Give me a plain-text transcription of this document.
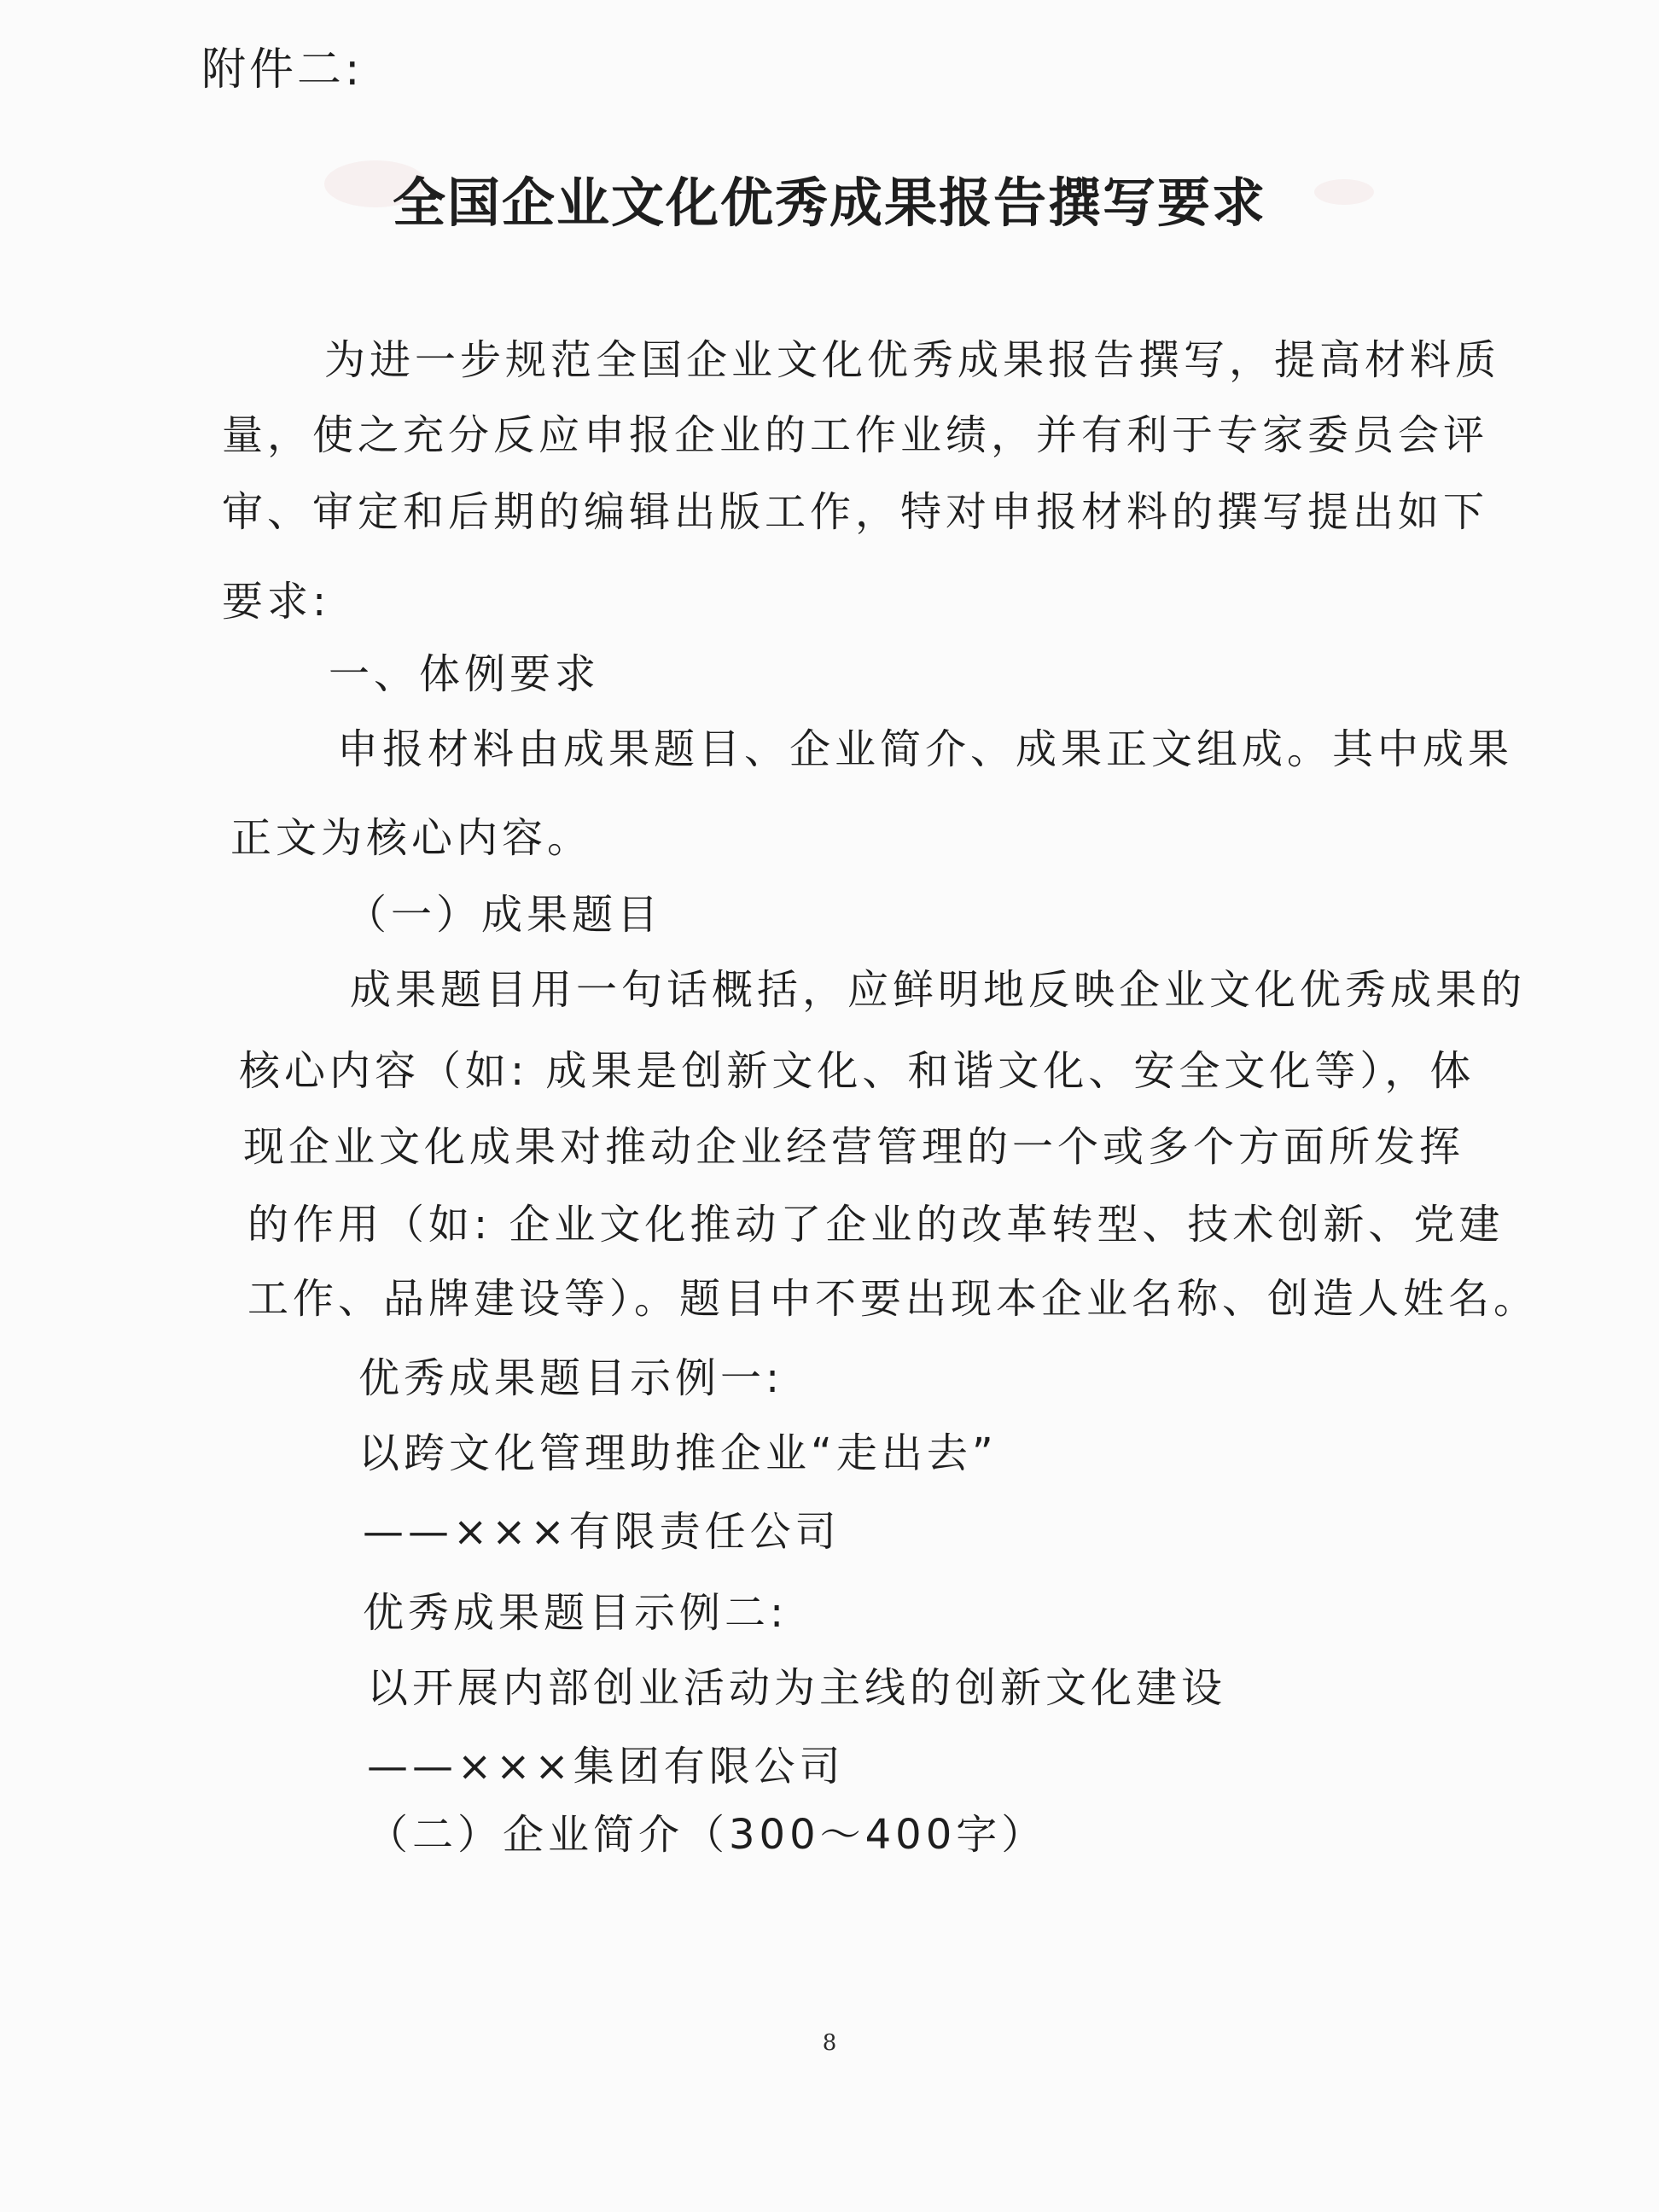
附件二:
全国企业文化优秀成果报告撰写要求
为进一步规范全国企业文化优秀成果报告撰写，提高材料质
量，使之充分反应申报企业的工作业绩，并有利于专家委员会评
审、审定和后期的编辑出版工作，特对申报材料的撰写提出如下
要求:
一、体例要求
申报材料由成果题目、企业简介、成果正文组成。其中成果
正文为核心内容。
（一）成果题目
成果题目用一句话概括，应鲜明地反映企业文化优秀成果的
核心内容（如: 成果是创新文化、和谐文化、安全文化等），体
现企业文化成果对推动企业经营管理的一个或多个方面所发挥
的作用（如: 企业文化推动了企业的改革转型、技术创新、党建
工作、品牌建设等）。题目中不要出现本企业名称、创造人姓名。
优秀成果题目示例一:
以跨文化管理助推企业“走出去”
——×××有限责任公司
优秀成果题目示例二:
以开展内部创业活动为主线的创新文化建设
——×××集团有限公司
（二）企业简介（300～400字）
8
